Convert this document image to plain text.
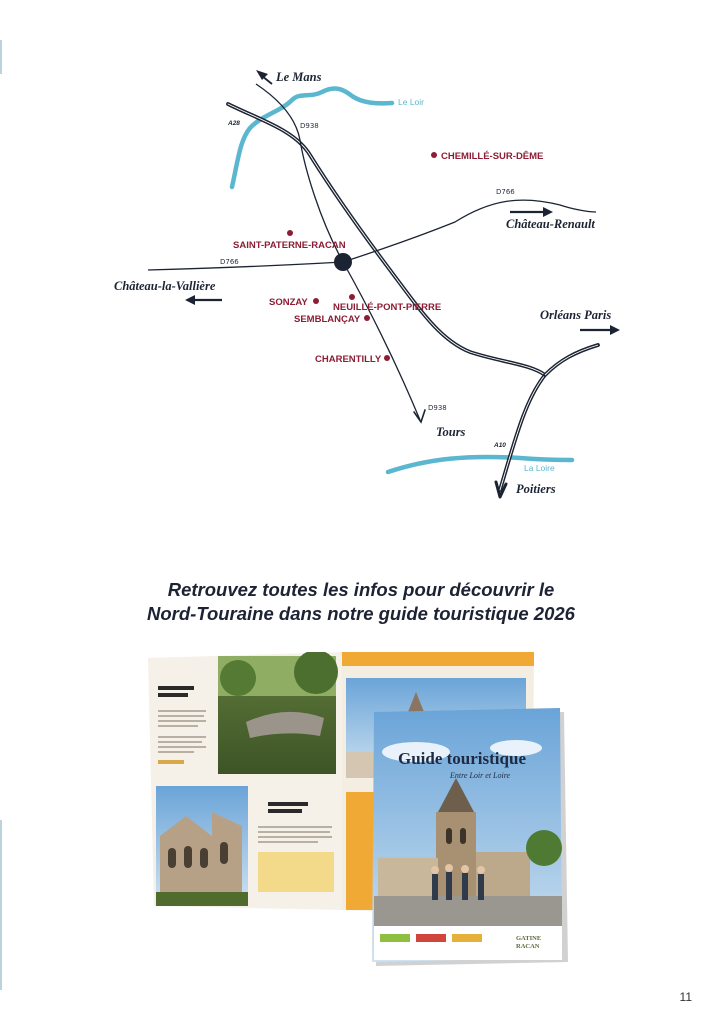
Le Loir
La Loire
A28
A10
D938
D766
D766
D938
Le Mans
Château-Renault
Château-la-Vallière
Orléans Paris
Tours
Poitiers
CHEMILLÉ-SUR-DÊME
SAINT-PATERNE-RACAN
SONZAY	NEUILLÉ-PONT-PIERRE
SEMBLANÇAY
CHARENTILLY
Retrouvez toutes les infos pour découvrir le
Nord-Touraine dans notre guide touristique 2026
GATINE
RACAN
Guide touristique
Entre Loir et Loire
11
